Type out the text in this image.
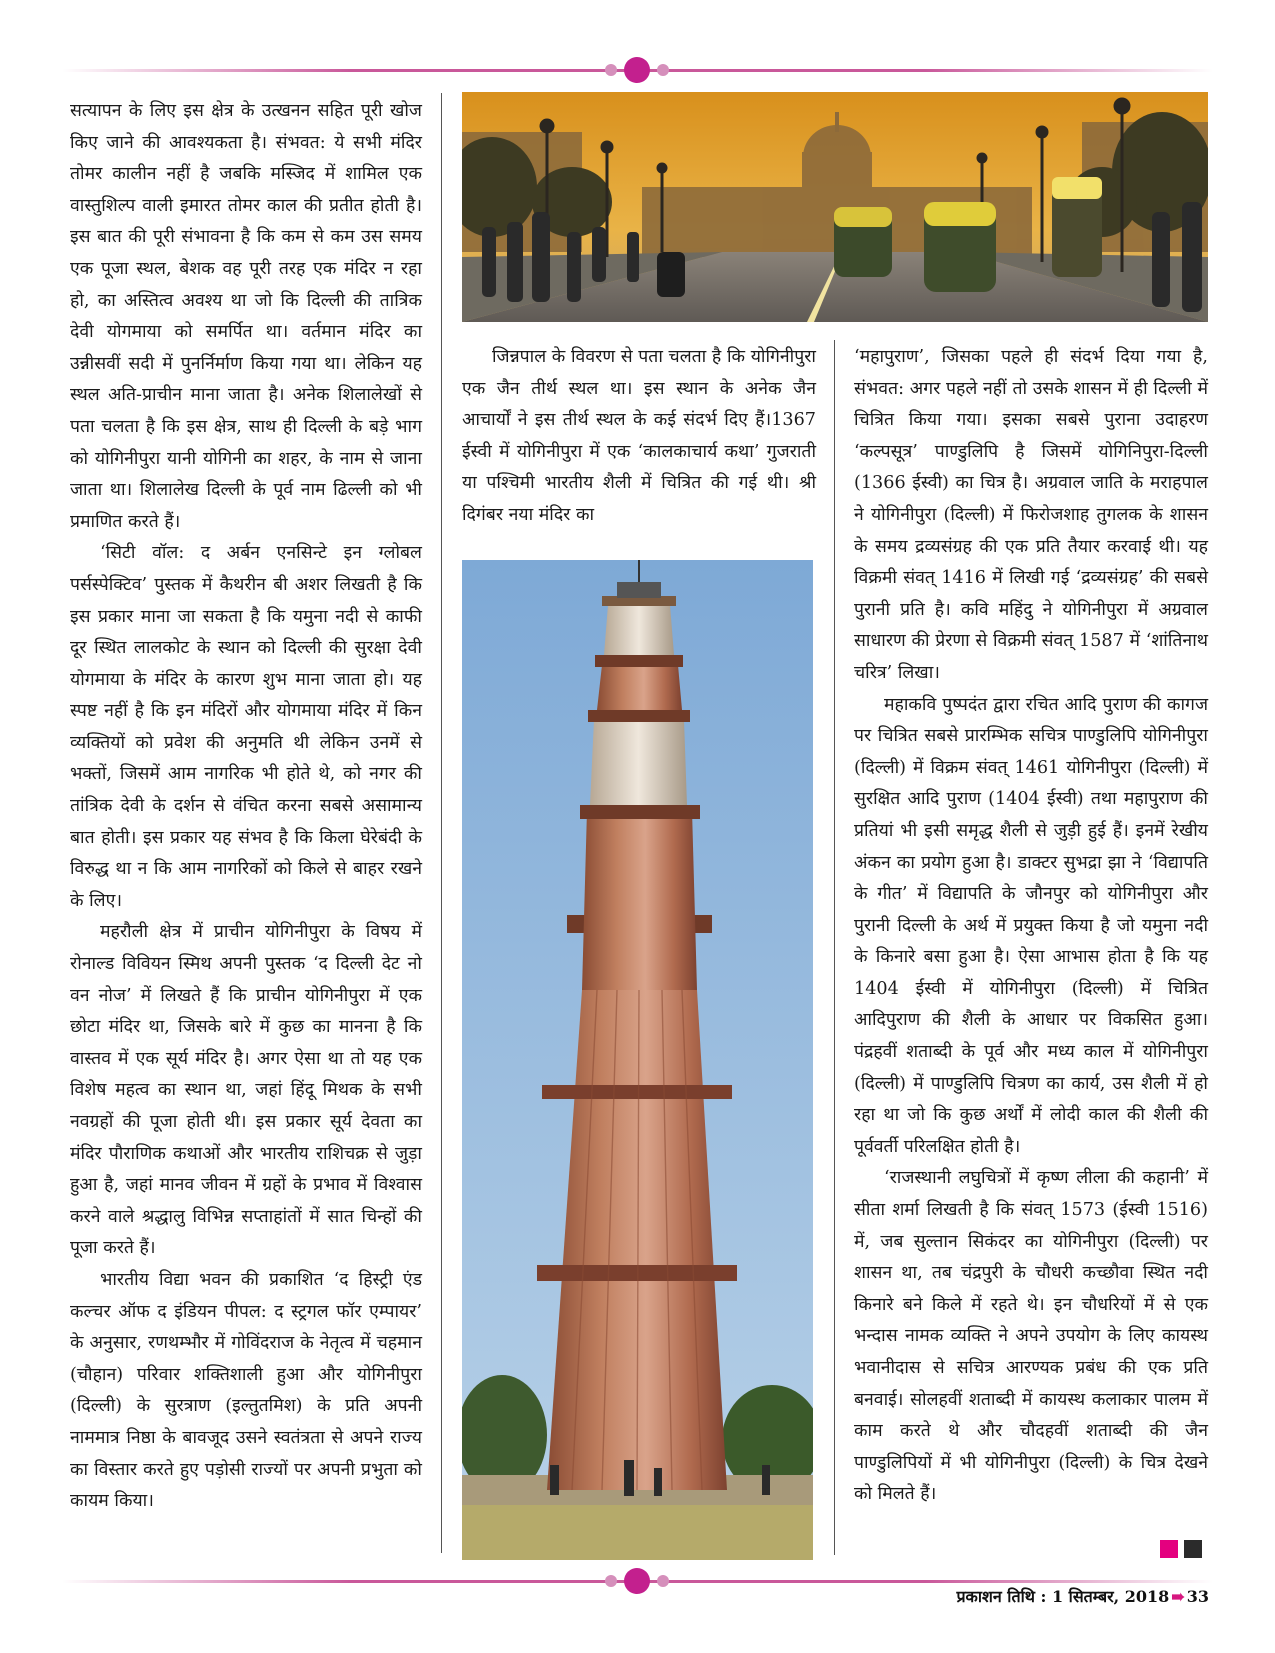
सत्यापन के लिए इस क्षेत्र के उत्खनन सहित पूरी खोज किए जाने की आवश्यकता है। संभवत: ये सभी मंदिर तोमर कालीन नहीं है जबकि मस्जिद में शामिल एक वास्तुशिल्प वाली इमारत तोमर काल की प्रतीत होती है। इस बात की पूरी संभावना है कि कम से कम उस समय एक पूजा स्थल, बेशक वह पूरी तरह एक मंदिर न रहा हो, का अस्तित्व अवश्य था जो कि दिल्ली की तात्रिक देवी योगमाया को समर्पित था। वर्तमान मंदिर का उन्नीसवीं सदी में पुनर्निर्माण किया गया था। लेकिन यह स्थल अति-प्राचीन माना जाता है। अनेक शिलालेखों से पता चलता है कि इस क्षेत्र, साथ ही दिल्ली के बड़े भाग को योगिनीपुरा यानी योगिनी का शहर, के नाम से जाना जाता था। शिलालेख दिल्ली के पूर्व नाम ढिल्ली को भी प्रमाणित करते हैं।

‘सिटी वॉल: द अर्बन एनसिन्टे इन ग्लोबल पर्सस्पेक्टिव’ पुस्तक में कैथरीन बी अशर लिखती है कि इस प्रकार माना जा सकता है कि यमुना नदी से काफी दूर स्थित लालकोट के स्थान को दिल्ली की सुरक्षा देवी योगमाया के मंदिर के कारण शुभ माना जाता हो। यह स्पष्ट नहीं है कि इन मंदिरों और योगमाया मंदिर में किन व्यक्तियों को प्रवेश की अनुमति थी लेकिन उनमें से भक्तों, जिसमें आम नागरिक भी होते थे, को नगर की तांत्रिक देवी के दर्शन से वंचित करना सबसे असामान्य बात होती। इस प्रकार यह संभव है कि किला घेरेबंदी के विरुद्ध था न कि आम नागरिकों को किले से बाहर रखने के लिए।

महरौली क्षेत्र में प्राचीन योगिनीपुरा के विषय में रोनाल्ड विवियन स्मिथ अपनी पुस्तक ‘द दिल्ली देट नो वन नोज’ में लिखते हैं कि प्राचीन योगिनीपुरा में एक छोटा मंदिर था, जिसके बारे में कुछ का मानना है कि वास्तव में एक सूर्य मंदिर है। अगर ऐसा था तो यह एक विशेष महत्व का स्थान था, जहां हिंदू मिथक के सभी नवग्रहों की पूजा होती थी। इस प्रकार सूर्य देवता का मंदिर पौराणिक कथाओं और भारतीय राशिचक्र से जुड़ा हुआ है, जहां मानव जीवन में ग्रहों के प्रभाव में विश्वास करने वाले श्रद्धालु विभिन्न सप्ताहांतों में सात चिन्हों की पूजा करते हैं।

भारतीय विद्या भवन की प्रकाशित ‘द हिस्ट्री एंड कल्चर ऑफ द इंडियन पीपल: द स्ट्रगल फॉर एम्पायर’ के अनुसार, रणथम्भौर में गोविंदराज के नेतृत्व में चहमान (चौहान) परिवार शक्तिशाली हुआ और योगिनीपुरा (दिल्ली) के सुरत्राण (इल्तुतमिश) के प्रति अपनी नाममात्र निष्ठा के बावजूद उसने स्वतंत्रता से अपने राज्य का विस्तार करते हुए पड़ोसी राज्यों पर अपनी प्रभुता को कायम किया।

जिन्नपाल के विवरण से पता चलता है कि योगिनीपुरा एक जैन तीर्थ स्थल था। इस स्थान के अनेक जैन आचार्यों ने इस तीर्थ स्थल के कई संदर्भ दिए हैं।1367 ईस्वी में योगिनीपुरा में एक ‘कालकाचार्य कथा’ गुजराती या पश्चिमी भारतीय शैली में चित्रित की गई थी। श्री दिगंबर नया मंदिर का

‘महापुराण’, जिसका पहले ही संदर्भ दिया गया है, संभवत: अगर पहले नहीं तो उसके शासन में ही दिल्ली में चित्रित किया गया। इसका सबसे पुराना उदाहरण ‘कल्पसूत्र’ पाण्डुलिपि है जिसमें योगिनिपुरा-दिल्ली (1366 ईस्वी) का चित्र है। अग्रवाल जाति के मराहपाल ने योगिनीपुरा (दिल्ली) में फिरोजशाह तुगलक के शासन के समय द्रव्यसंग्रह की एक प्रति तैयार करवाई थी। यह विक्रमी संवत् 1416 में लिखी गई ‘द्रव्यसंग्रह’ की सबसे पुरानी प्रति है। कवि महिंदु ने योगिनीपुरा में अग्रवाल साधारण की प्रेरणा से विक्रमी संवत् 1587 में ‘शांतिनाथ चरित्र’ लिखा।

महाकवि पुष्पदंत द्वारा रचित आदि पुराण की कागज पर चित्रित सबसे प्रारम्भिक सचित्र पाण्डुलिपि योगिनीपुरा (दिल्ली) में विक्रम संवत् 1461 योगिनीपुरा (दिल्ली) में सुरक्षित आदि पुराण (1404 ईस्वी) तथा महापुराण की प्रतियां भी इसी समृद्ध शैली से जुड़ी हुई हैं। इनमें रेखीय अंकन का प्रयोग हुआ है। डाक्टर सुभद्रा झा ने ‘विद्यापति के गीत’ में विद्यापति के जौनपुर को योगिनीपुरा और पुरानी दिल्ली के अर्थ में प्रयुक्त किया है जो यमुना नदी के किनारे बसा हुआ है। ऐसा आभास होता है कि यह 1404 ईस्वी में योगिनीपुरा (दिल्ली) में चित्रित आदिपुराण की शैली के आधार पर विकसित हुआ। पंद्रहवीं शताब्दी के पूर्व और मध्य काल में योगिनीपुरा (दिल्ली) में पाण्डुलिपि चित्रण का कार्य, उस शैली में हो रहा था जो कि कुछ अर्थों में लोदी काल की शैली की पूर्ववर्ती परिलक्षित होती है।

‘राजस्थानी लघुचित्रों में कृष्ण लीला की कहानी’ में सीता शर्मा लिखती है कि संवत् 1573 (ईस्वी 1516) में, जब सुल्तान सिकंदर का योगिनीपुरा (दिल्ली) पर शासन था, तब चंद्रपुरी के चौधरी कच्छौवा स्थित नदी किनारे बने किले में रहते थे। इन चौधरियों में से एक भन्दास नामक व्यक्ति ने अपने उपयोग के लिए कायस्थ भवानीदास से सचित्र आरण्यक प्रबंध की एक प्रति बनवाई। सोलहवीं शताब्दी में कायस्थ कलाकार पालम में काम करते थे और चौदहवीं शताब्दी की जैन पाण्डुलिपियों में भी योगिनीपुरा (दिल्ली) के चित्र देखने को मिलते हैं।

प्रकाशन तिथि : 1 सितम्बर, 2018 ➠ 33
